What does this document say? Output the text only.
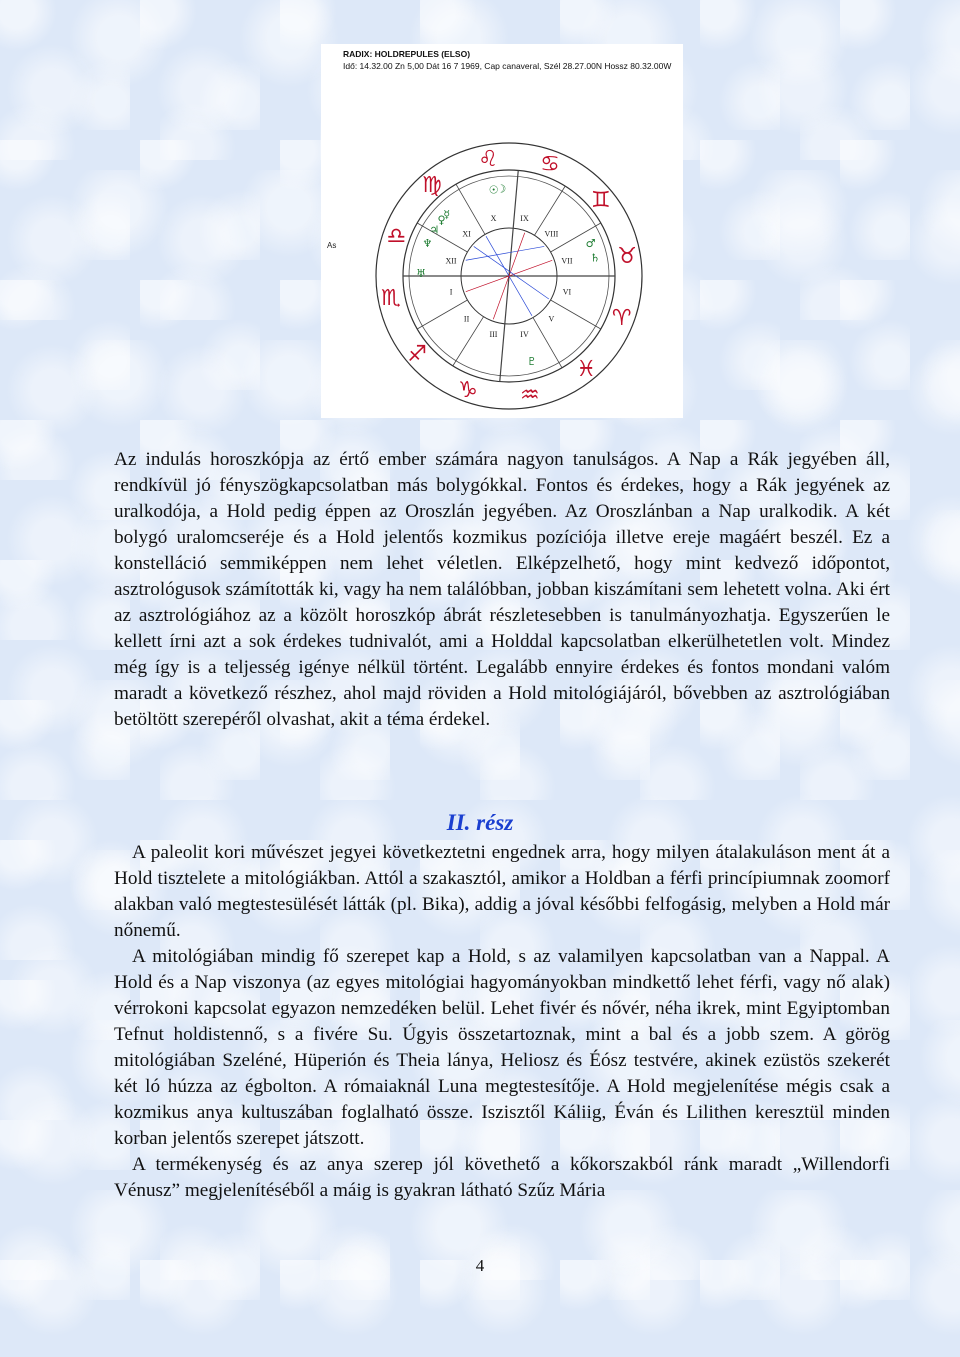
RADIX: HOLDREPULES (ELSO)
Idő: 14.32.00 Zn 5,00 Dát 16 7 1969, Cap canaveral, Szél 28.27.00N Hossz 80.32.00W
♌ ♋
♊
♉
♈
♓
♒
♑
♐
♏
♎
♍
I
II
III	IV
V
VI
VII
VIII
IX
X
XI
XII
♃
♀
☿
☉
☽
♂
♄
♅
♆
♇
As

Az indulás horoszkópja az értő ember számára nagyon tanulságos. A Nap a Rák jegyében áll, rendkívül jó fényszögkapcsolatban más bolygókkal. Fontos és érdekes, hogy a Rák jegyének az uralkodója, a Hold pedig éppen az Oroszlán jegyében. Az Oroszlánban a Nap uralkodik. A két bolygó uralomcseréje és a Hold jelentős kozmikus pozíciója illetve ereje magáért beszél. Ez a konstelláció semmiképpen nem lehet véletlen. Elképzelhető, hogy mint kedvező időpontot, asztrológusok számították ki, vagy ha nem találóbban, jobban kiszámítani sem lehetett volna. Aki ért az asztrológiához az a közölt horoszkóp ábrát részletesebben is tanulmányozhatja. Egyszerűen le kellett írni azt a sok érdekes tudnivalót, ami a Holddal kapcsolatban elkerülhetetlen volt. Mindez még így is a teljesség igénye nélkül történt. Legalább ennyire érdekes és fontos mondani valóm maradt a következő részhez, ahol majd röviden a Hold mitológiájáról, bővebben az asztrológiában betöltött szerepéről olvashat, akit a téma érdekel.

II. rész

A paleolit kori művészet jegyei következtetni engednek arra, hogy milyen átalakuláson ment át a Hold tisztelete a mitológiákban. Attól a szakasztól, amikor a Holdban a férfi princípiumnak zoomorf alakban való megtestesülését látták (pl. Bika), addig a jóval későbbi felfogásig, melyben a Hold már nőnemű.

A mitológiában mindig fő szerepet kap a Hold, s az valamilyen kapcsolatban van a Nappal. A Hold és a Nap viszonya (az egyes mitológiai hagyományokban mindkettő lehet férfi, vagy nő alak) vérrokoni kapcsolat egyazon nemzedéken belül. Lehet fivér és nővér, néha ikrek, mint Egyiptomban Tefnut holdistennő, s a fivére Su. Úgyis összetartoznak, mint a bal és a jobb szem. A görög mitológiában Szeléné, Hüperión és Theia lánya, Heliosz és Éósz testvére, akinek ezüstös szekerét két ló húzza az égbolton. A rómaiaknál Luna megtestesítője. A Hold megjelenítése mégis csak a kozmikus anya kultuszában foglalható össze. Iszisztől Káliig, Éván és Lilithen keresztül minden korban jelentős szerepet játszott.

A termékenység és az anya szerep jól követhető a kőkorszakból ránk maradt „Willendorfi Vénusz” megjelenítéséből a máig is gyakran látható Szűz Mária

4
